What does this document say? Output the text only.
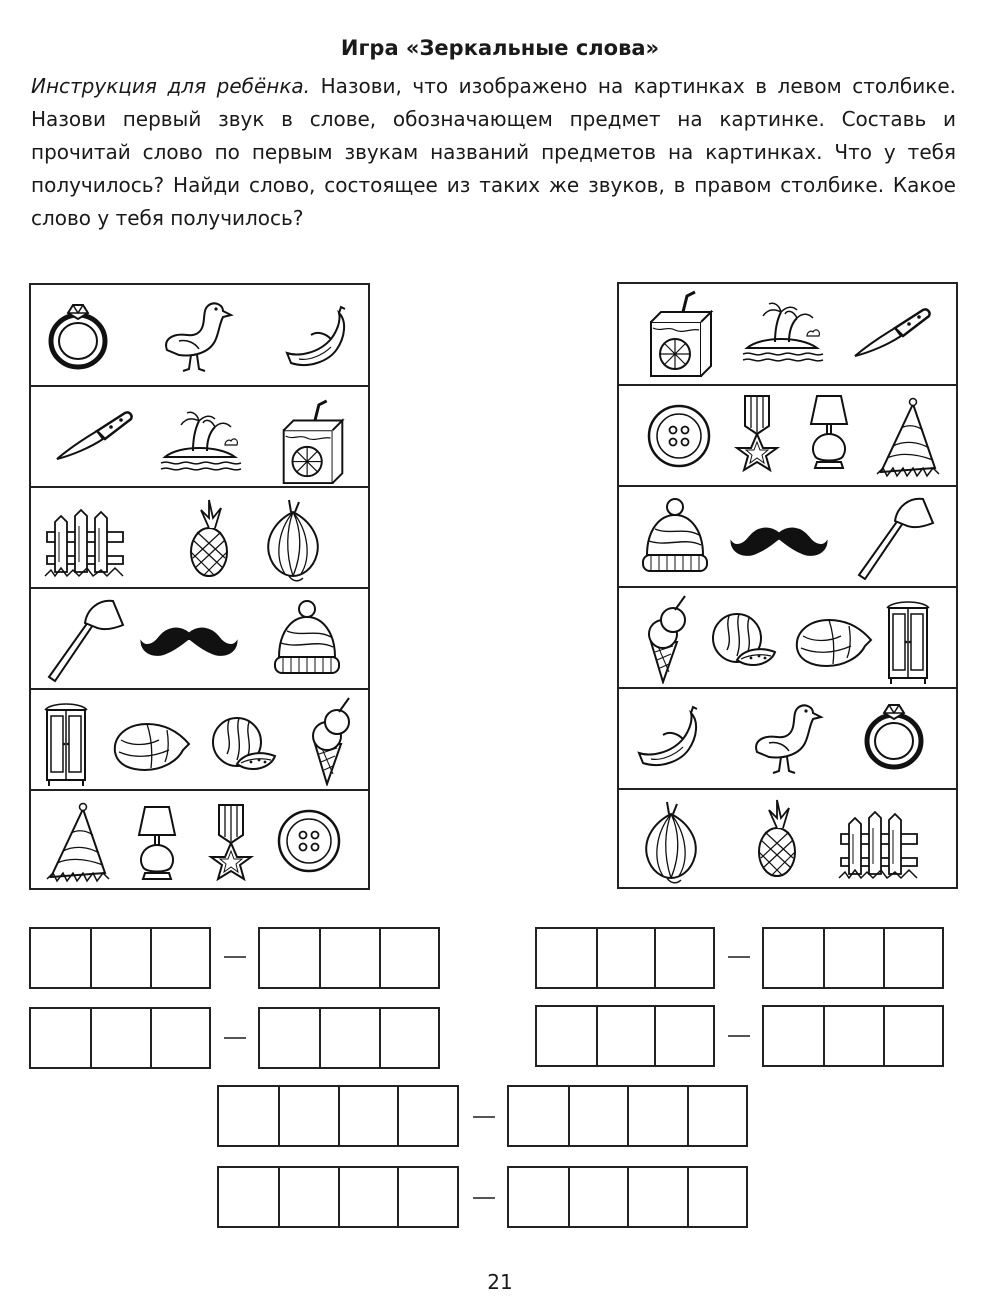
Игра «Зеркальные слова»
Инструкция для ребёнка. Назови, что изображено на картинках в левом столбике. Назови первый звук в слове, обозначающем предмет на картинке. Составь и прочитай слово по первым звукам названий предметов на картинках. Что у тебя получилось? Найди слово, состоящее из таких же звуков, в правом столбике. Какое слово у тебя получилось?
21
